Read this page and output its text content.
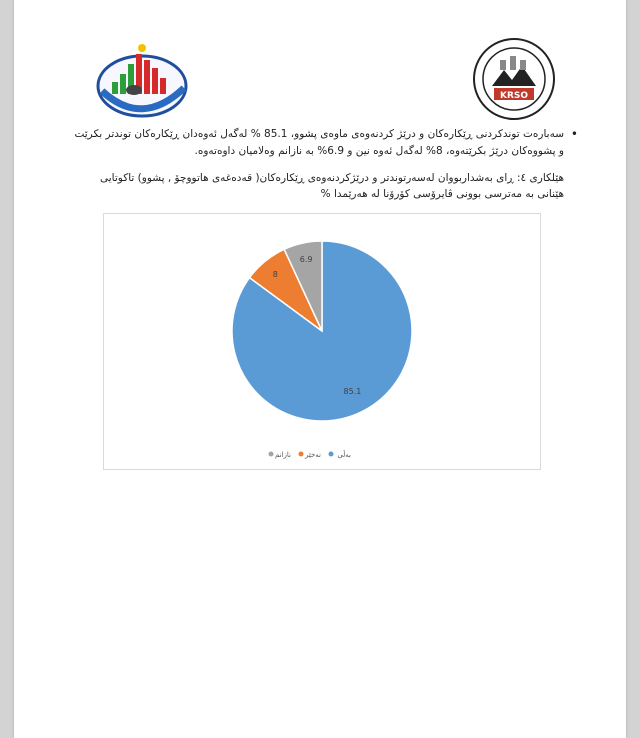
KRSO
•
سەبارەت توندکردنی ڕێکارەکان و درێژ کردنەوەی ماوەی پشوو، 85.1 % لەگەل ئەوەدان ڕێکارەکان توندتر بکرێت و پشووەکان درێژ بکرێتەوە، 8% لەگەل ئەوە نین و 6.9% بە نازانم وەلامیان داوەتەوە.
هێلکاری ٤: ڕای بەشداربووان لەسەرتوندتر و درێژکردنەوەی ڕێکارەکان( قەدەغەی هاتووچۆ , پشوو) تاکوتایی هێنانی بە مەترسی بوونی ڤایرۆسی کۆرۆنا لە هەرێمدا %
85.1
8
6.9
بەڵی
نەخێر
نازانم
